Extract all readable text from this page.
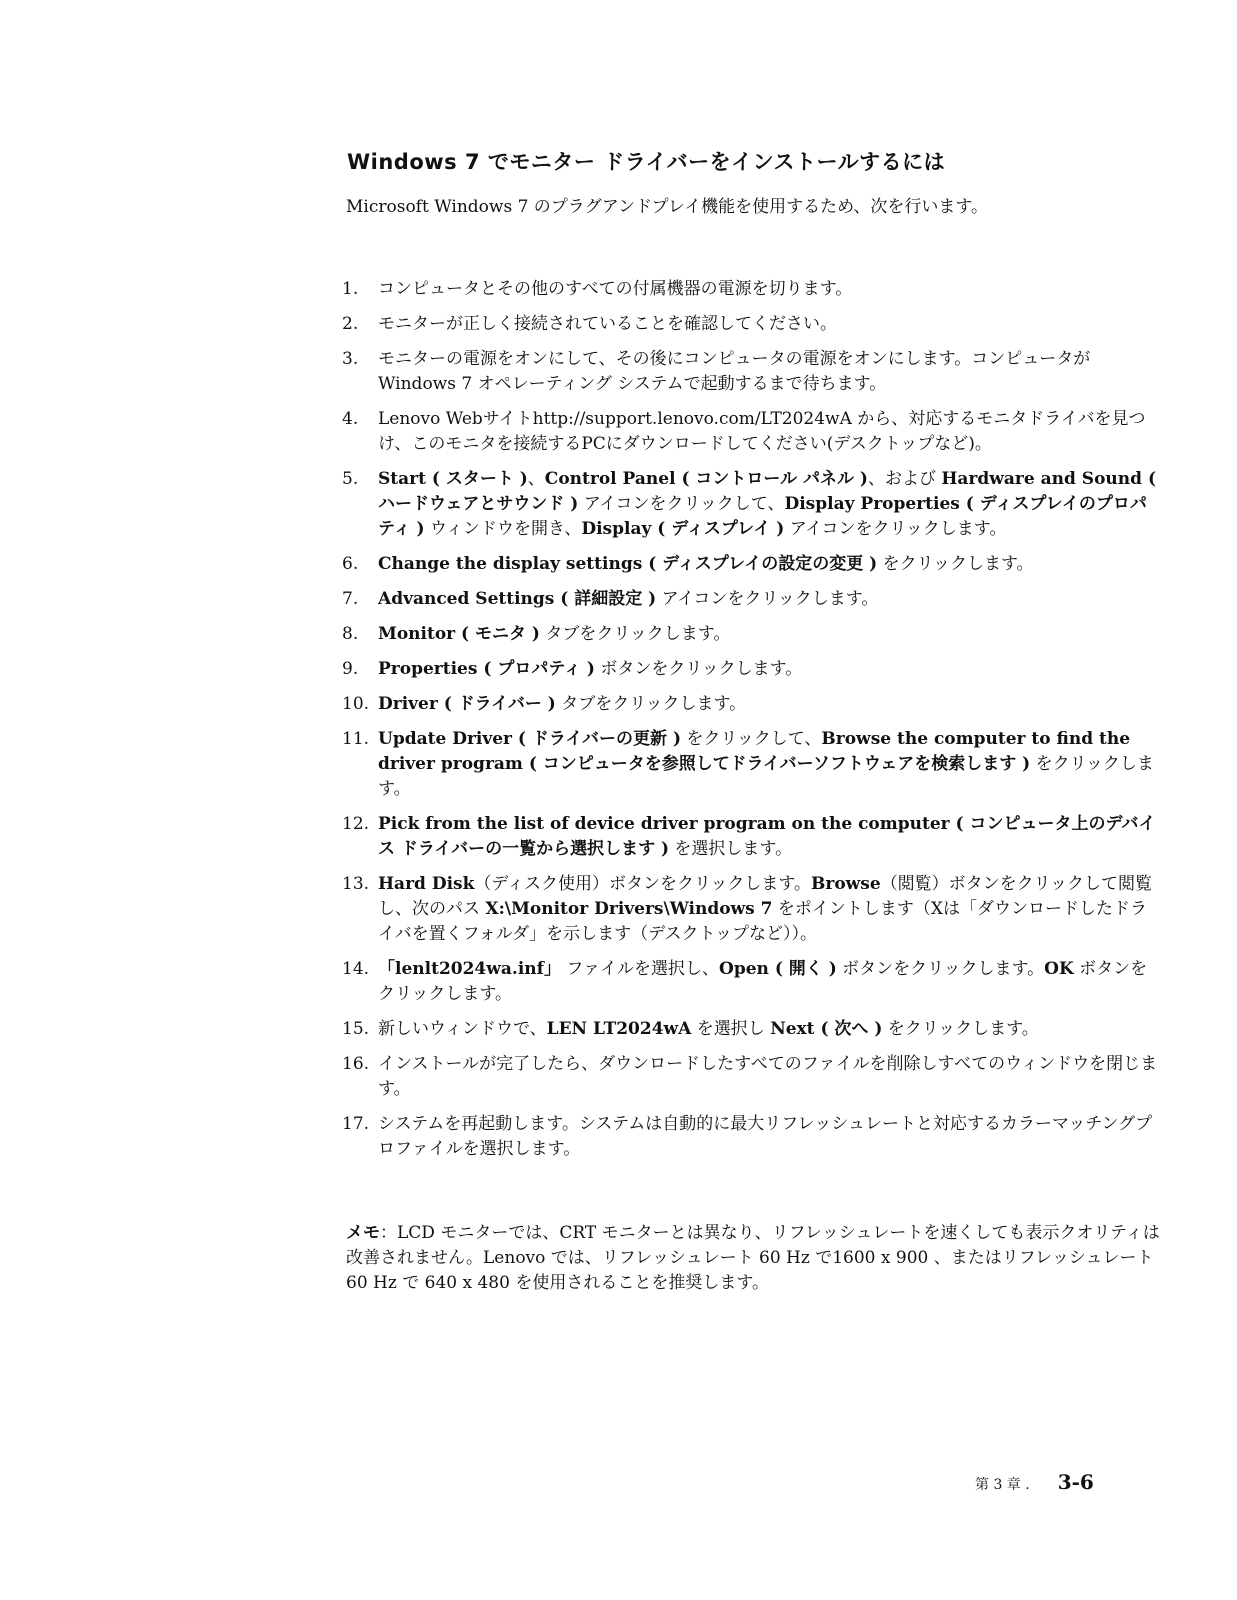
Windows 7 でモニター ドライバーをインストールするには

Microsoft Windows 7 のプラグアンドプレイ機能を使用するため、次を行います。

1. コンピュータとその他のすべての付属機器の電源を切ります。
2. モニターが正しく接続されていることを確認してください。
3. モニターの電源をオンにして、その後にコンピュータの電源をオンにします。コンピュータが Windows 7 オペレーティング システムで起動するまで待ちます。
4. Lenovo Webサイトhttp://support.lenovo.com/LT2024wA から、対応するモニタドライバを見つけ、このモニタを接続するPCにダウンロードしてください(デスクトップなど)。
5. Start ( スタート )、Control Panel ( コントロール パネル )、および Hardware and Sound ( ハードウェアとサウンド ) アイコンをクリックして、Display Properties ( ディスプレイのプロパティ ) ウィンドウを開き、Display ( ディスプレイ ) アイコンをクリックします。
6. Change the display settings ( ディスプレイの設定の変更 ) をクリックします。
7. Advanced Settings ( 詳細設定 ) アイコンをクリックします。
8. Monitor ( モニタ ) タブをクリックします。
9. Properties ( プロパティ ) ボタンをクリックします。
10. Driver ( ドライバー ) タブをクリックします。
11. Update Driver ( ドライバーの更新 ) をクリックして、Browse the computer to find the driver program ( コンピュータを参照してドライバーソフトウェアを検索します ) をクリックします。
12. Pick from the list of device driver program on the computer ( コンピュータ上のデバイス ドライバーの一覧から選択します ) を選択します。
13. Hard Disk（ディスク使用）ボタンをクリックします。Browse（閲覧）ボタンをクリックして閲覧し、次のパス X:\Monitor Drivers\Windows 7 をポイントします（Xは「ダウンロードしたドライバを置くフォルダ」を示します（デスクトップなど））。
14. 「lenlt2024wa.inf」 ファイルを選択し、Open ( 開く ) ボタンをクリックします。OK ボタンをクリックします。
15. 新しいウィンドウで、LEN LT2024wA を選択し Next ( 次へ ) をクリックします。
16. インストールが完了したら、ダウンロードしたすべてのファイルを削除しすべてのウィンドウを閉じます。
17. システムを再起動します。システムは自動的に最大リフレッシュレートと対応するカラーマッチングプロファイルを選択します。

メモ：LCD モニターでは、CRT モニターとは異なり、リフレッシュレートを速くしても表示クオリティは改善されません。Lenovo では、リフレッシュレート 60 Hz で1600 x 900 、またはリフレッシュレート 60 Hz で 640 x 480 を使用されることを推奨します。

第 3 章 . 3-6
